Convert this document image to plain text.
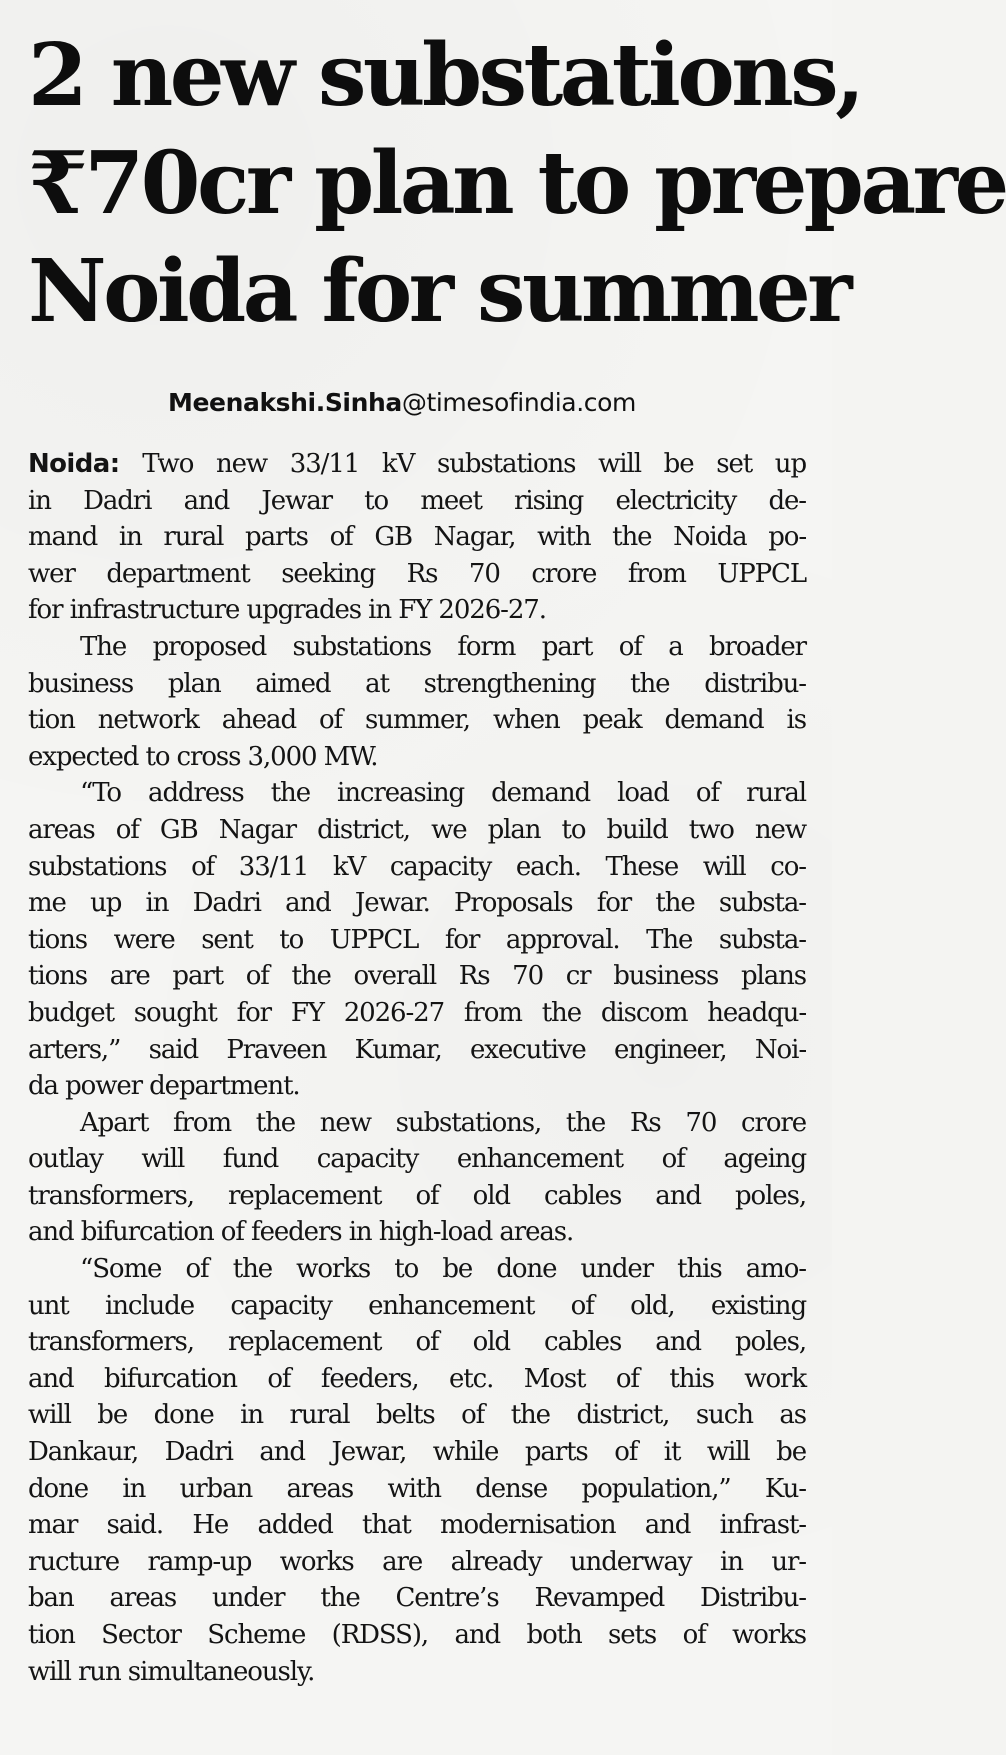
2 new substations,
₹70cr plan to prepare
Noida for summer
Meenakshi.Sinha@timesofindia.com
Noida: Two new 33/11 kV substations will be set up
in Dadri and Jewar to meet rising electricity de-
mand in rural parts of GB Nagar, with the Noida po-
wer department seeking Rs 70 crore from UPPCL
for infrastructure upgrades in FY 2026-27.
The proposed substations form part of a broader
business plan aimed at strengthening the distribu-
tion network ahead of summer, when peak demand is
expected to cross 3,000 MW.
“To address the increasing demand load of rural
areas of GB Nagar district, we plan to build two new
substations of 33/11 kV capacity each. These will co-
me up in Dadri and Jewar. Proposals for the substa-
tions were sent to UPPCL for approval. The substa-
tions are part of the overall Rs 70 cr business plans
budget sought for FY 2026-27 from the discom headqu-
arters,” said Praveen Kumar, executive engineer, Noi-
da power department.
Apart from the new substations, the Rs 70 crore
outlay will fund capacity enhancement of ageing
transformers, replacement of old cables and poles,
and bifurcation of feeders in high-load areas.
“Some of the works to be done under this amo-
unt include capacity enhancement of old, existing
transformers, replacement of old cables and poles,
and bifurcation of feeders, etc. Most of this work
will be done in rural belts of the district, such as
Dankaur, Dadri and Jewar, while parts of it will be
done in urban areas with dense population,” Ku-
mar said. He added that modernisation and infrast-
ructure ramp-up works are already underway in ur-
ban areas under the Centre’s Revamped Distribu-
tion Sector Scheme (RDSS), and both sets of works
will run simultaneously.
